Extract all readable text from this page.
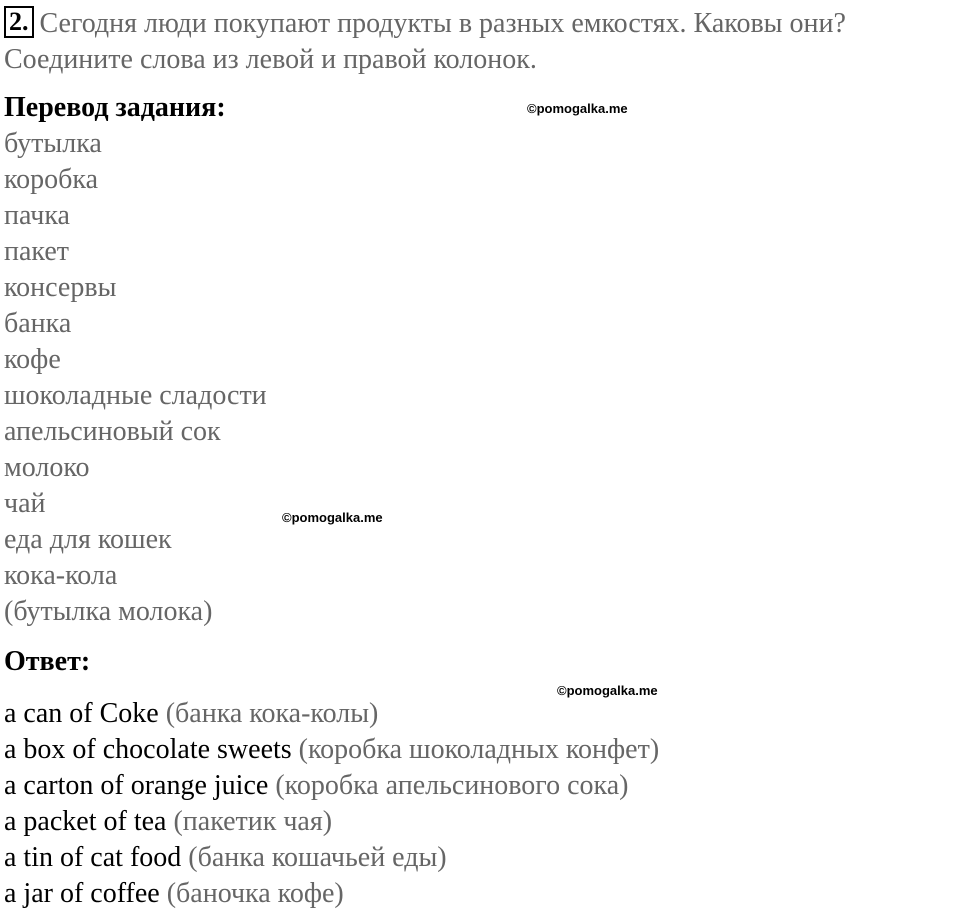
2. Сегодня люди покупают продукты в разных емкостях. Каковы они?
Соедините слова из левой и правой колонок.
Перевод задания:	©pomogalka.me
бутылка
коробка
пачка
пакет
консервы
банка
кофе
шоколадные сладости
апельсиновый сок
молоко
чай
еда для кошек
кока-кола
(бутылка молока)
©pomogalka.me
Ответ:
©pomogalka.me
a can of Coke (банка кока-колы)
a box of chocolate sweets (коробка шоколадных конфет)
a carton of orange juice (коробка апельсинового сока)
a packet of tea (пакетик чая)
a tin of cat food (банка кошачьей еды)
a jar of coffee (баночка кофе)
